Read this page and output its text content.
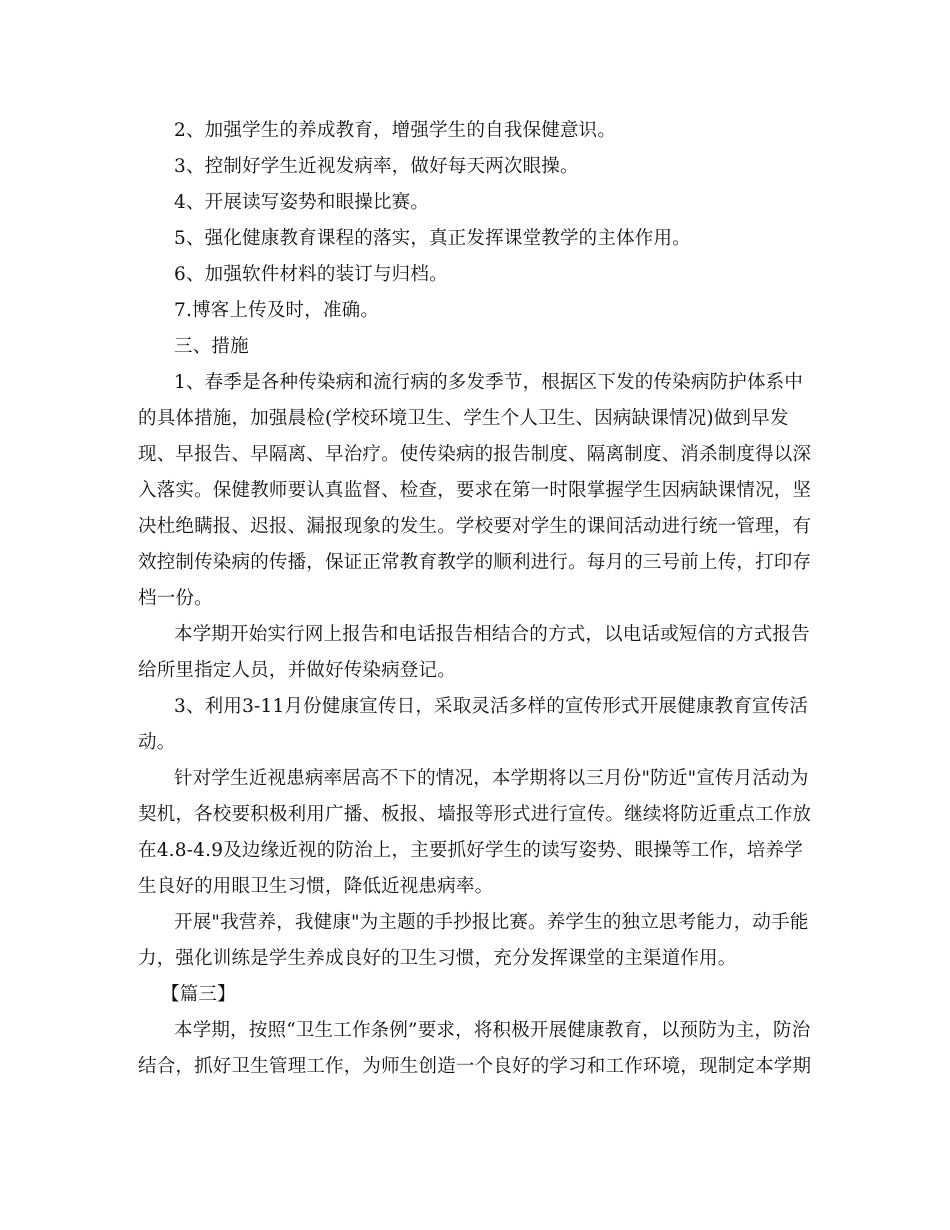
2、加强学生的养成教育，增强学生的自我保健意识。
3、控制好学生近视发病率，做好每天两次眼操。
4、开展读写姿势和眼操比赛。
5、强化健康教育课程的落实，真正发挥课堂教学的主体作用。
6、加强软件材料的装订与归档。
7.博客上传及时，准确。
三、措施
1、春季是各种传染病和流行病的多发季节，根据区下发的传染病防护体系中
的具体措施，加强晨检(学校环境卫生、学生个人卫生、因病缺课情况)做到早发
现、早报告、早隔离、早治疗。使传染病的报告制度、隔离制度、消杀制度得以深
入落实。保健教师要认真监督、检查，要求在第一时限掌握学生因病缺课情况，坚
决杜绝瞒报、迟报、漏报现象的发生。学校要对学生的课间活动进行统一管理，有
效控制传染病的传播，保证正常教育教学的顺利进行。每月的三号前上传，打印存
档一份。
本学期开始实行网上报告和电话报告相结合的方式，以电话或短信的方式报告
给所里指定人员，并做好传染病登记。
3、利用3-11月份健康宣传日，采取灵活多样的宣传形式开展健康教育宣传活
动。
针对学生近视患病率居高不下的情况，本学期将以三月份"防近"宣传月活动为
契机，各校要积极利用广播、板报、墙报等形式进行宣传。继续将防近重点工作放
在4.8-4.9及边缘近视的防治上，主要抓好学生的读写姿势、眼操等工作，培养学
生良好的用眼卫生习惯，降低近视患病率。
开展"我营养，我健康"为主题的手抄报比赛。养学生的独立思考能力，动手能
力，强化训练是学生养成良好的卫生习惯，充分发挥课堂的主渠道作用。
【篇三】
本学期，按照“卫生工作条例”要求，将积极开展健康教育，以预防为主，防治
结合，抓好卫生管理工作，为师生创造一个良好的学习和工作环境，现制定本学期
